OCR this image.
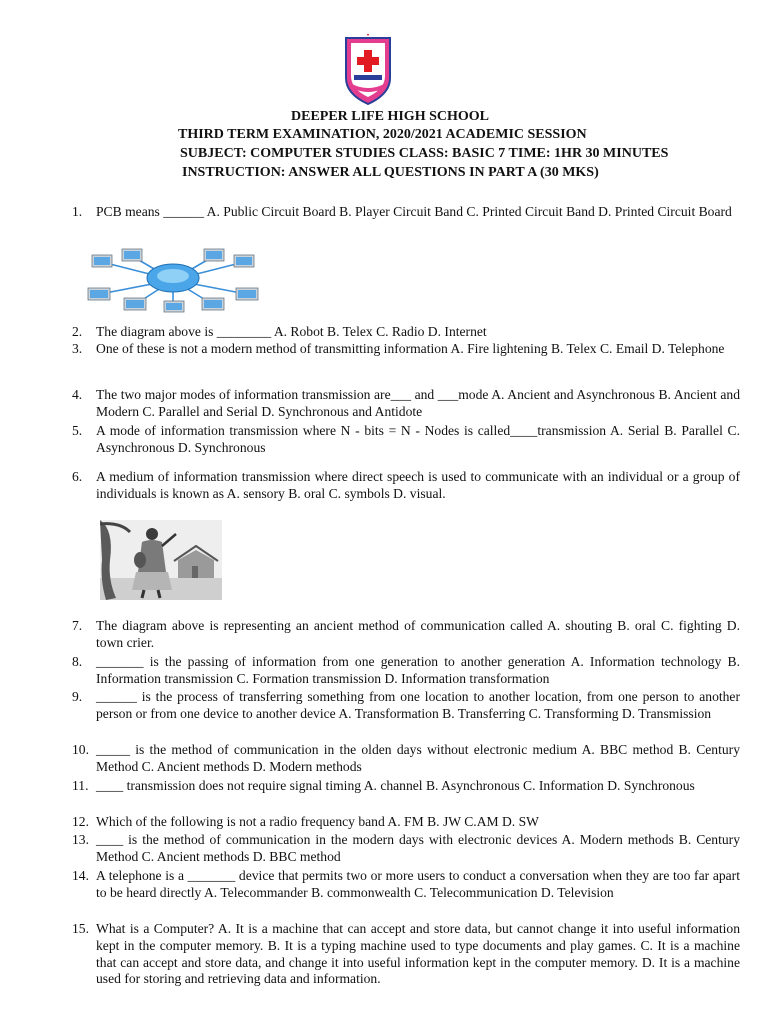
DEEPER LIFE HIGH SCHOOL
THIRD TERM EXAMINATION, 2020/2021 ACADEMIC SESSION
SUBJECT: COMPUTER STUDIES CLASS: BASIC 7 TIME: 1HR 30 MINUTES
INSTRUCTION: ANSWER ALL QUESTIONS IN PART A (30 MKS)
1.	PCB means ______ A. Public Circuit Board B. Player Circuit Band C. Printed Circuit Band D. Printed Circuit Board
2.	The diagram above is ________ A. Robot B. Telex C. Radio D. Internet
3.	One of these is not a modern method of transmitting information A. Fire lightening B. Telex C. Email D. Telephone
4.	The two major modes of information transmission are___ and ___mode A. Ancient and Asynchronous B. Ancient and Modern C. Parallel and Serial D. Synchronous and Antidote
5.	A mode of information transmission where N - bits = N - Nodes is called____transmission A. Serial B. Parallel C. Asynchronous D. Synchronous
6.	A medium of information transmission where direct speech is used to communicate with an individual or a group of individuals is known as A. sensory B. oral C. symbols D. visual.
7.	The diagram above is representing an ancient method of communication called A. shouting B. oral C. fighting D. town crier.
8.	_______ is the passing of information from one generation to another generation A. Information technology B. Information transmission C. Formation transmission D. Information transformation
9.	______ is the process of transferring something from one location to another location, from one person to another person or from one device to another device A. Transformation B. Transferring C. Transforming D. Transmission
10. _____ is the method of communication in the olden days without electronic medium A. BBC method B. Century Method C. Ancient methods D. Modern methods
11. ____ transmission does not require signal timing A. channel B. Asynchronous C. Information D. Synchronous
12. Which of the following is not a radio frequency band A. FM B. JW C.AM D. SW
13. ____ is the method of communication in the modern days with electronic devices A. Modern methods B. Century Method C. Ancient methods D. BBC method
14. A telephone is a _______ device that permits two or more users to conduct a conversation when they are too far apart to be heard directly A. Telecommander B. commonwealth C. Telecommunication D. Television
15. What is a Computer? A. It is a machine that can accept and store data, but cannot change it into useful information kept in the computer memory. B. It is a typing machine used to type documents and play games. C. It is a machine that can accept and store data, and change it into useful information kept in the computer memory. D. It is a machine used for storing and retrieving data and information.
